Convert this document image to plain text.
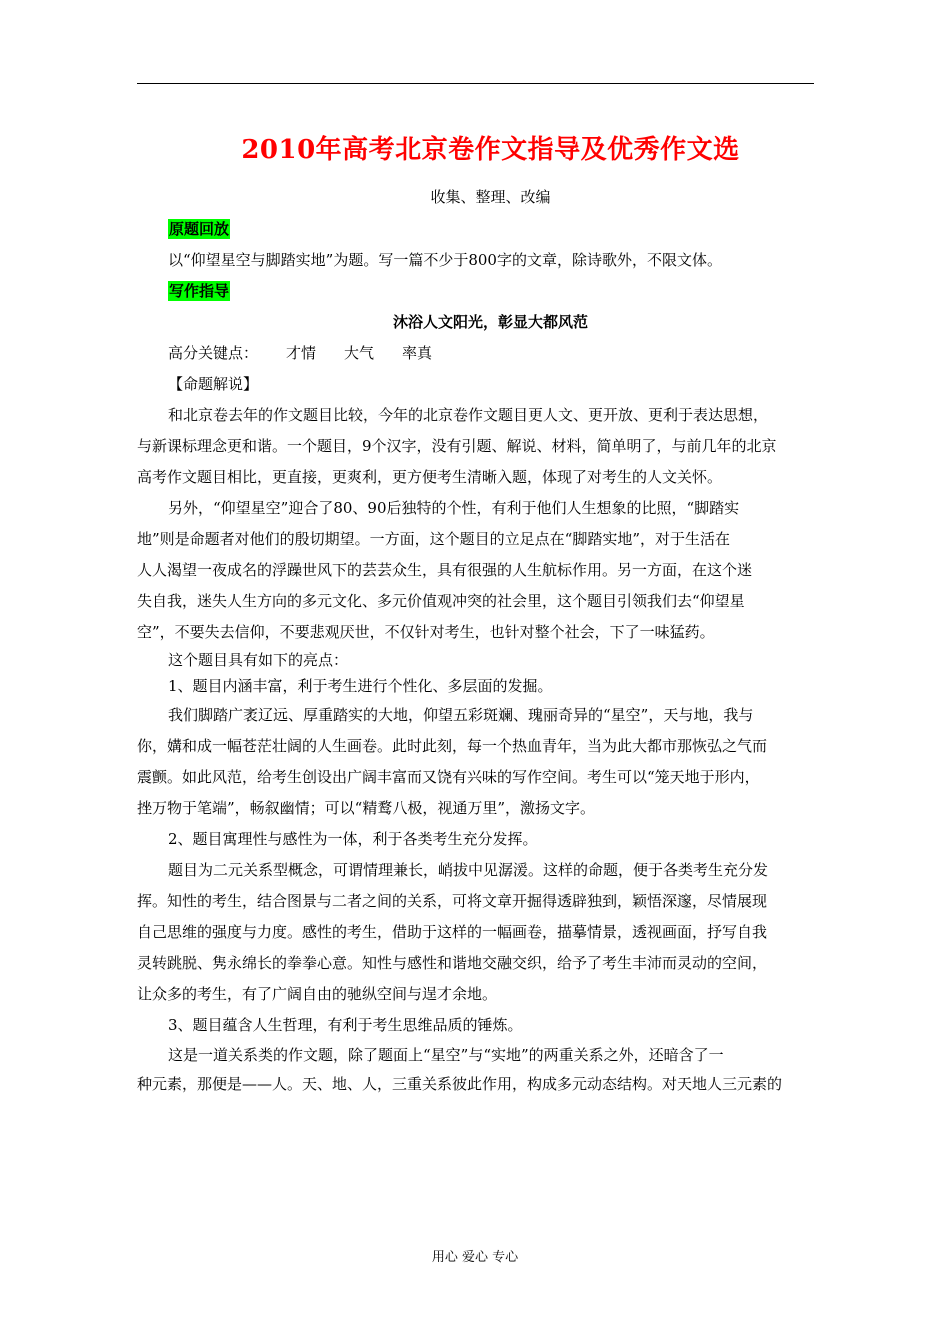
2010年高考北京卷作文指导及优秀作文选
收集、整理、改编
原题回放
以“仰望星空与脚踏实地”为题。写一篇不少于800字的文章，除诗歌外，不限文体。
写作指导
沐浴人文阳光，彰显大都风范
高分关键点： 才情 大气 率真
【命题解说】
和北京卷去年的作文题目比较，今年的北京卷作文题目更人文、更开放、更利于表达思想，
与新课标理念更和谐。一个题目，9个汉字，没有引题、解说、材料，简单明了，与前几年的北京
高考作文题目相比，更直接，更爽利，更方便考生清晰入题，体现了对考生的人文关怀。
另外，“仰望星空”迎合了80、90后独特的个性，有利于他们人生想象的比照，“脚踏实
地”则是命题者对他们的殷切期望。一方面，这个题目的立足点在“脚踏实地”，对于生活在
人人渴望一夜成名的浮躁世风下的芸芸众生，具有很强的人生航标作用。另一方面，在这个迷
失自我，迷失人生方向的多元文化、多元价值观冲突的社会里，这个题目引领我们去“仰望星
空”，不要失去信仰，不要悲观厌世，不仅针对考生，也针对整个社会，下了一味猛药。
这个题目具有如下的亮点：
1、题目内涵丰富，利于考生进行个性化、多层面的发掘。
我们脚踏广袤辽远、厚重踏实的大地，仰望五彩斑斓、瑰丽奇异的“星空”，天与地，我与
你，媾和成一幅苍茫壮阔的人生画卷。此时此刻，每一个热血青年，当为此大都市那恢弘之气而
震颤。如此风范，给考生创设出广阔丰富而又饶有兴味的写作空间。考生可以“笼天地于形内，
挫万物于笔端”，畅叙幽情；可以“精鹜八极，视通万里”，激扬文字。
2、题目寓理性与感性为一体，利于各类考生充分发挥。
题目为二元关系型概念，可谓情理兼长，峭拔中见潺湲。这样的命题，便于各类考生充分发
挥。知性的考生，结合图景与二者之间的关系，可将文章开掘得透辟独到，颖悟深邃，尽情展现
自己思维的强度与力度。感性的考生，借助于这样的一幅画卷，描摹情景，透视画面，抒写自我
灵转跳脱、隽永绵长的拳拳心意。知性与感性和谐地交融交织，给予了考生丰沛而灵动的空间，
让众多的考生，有了广阔自由的驰纵空间与逞才余地。
3、题目蕴含人生哲理，有利于考生思维品质的锤炼。
这是一道关系类的作文题，除了题面上“星空”与“实地”的两重关系之外，还暗含了一
种元素，那便是——人。天、地、人，三重关系彼此作用，构成多元动态结构。对天地人三元素的
用心 爱心 专心
